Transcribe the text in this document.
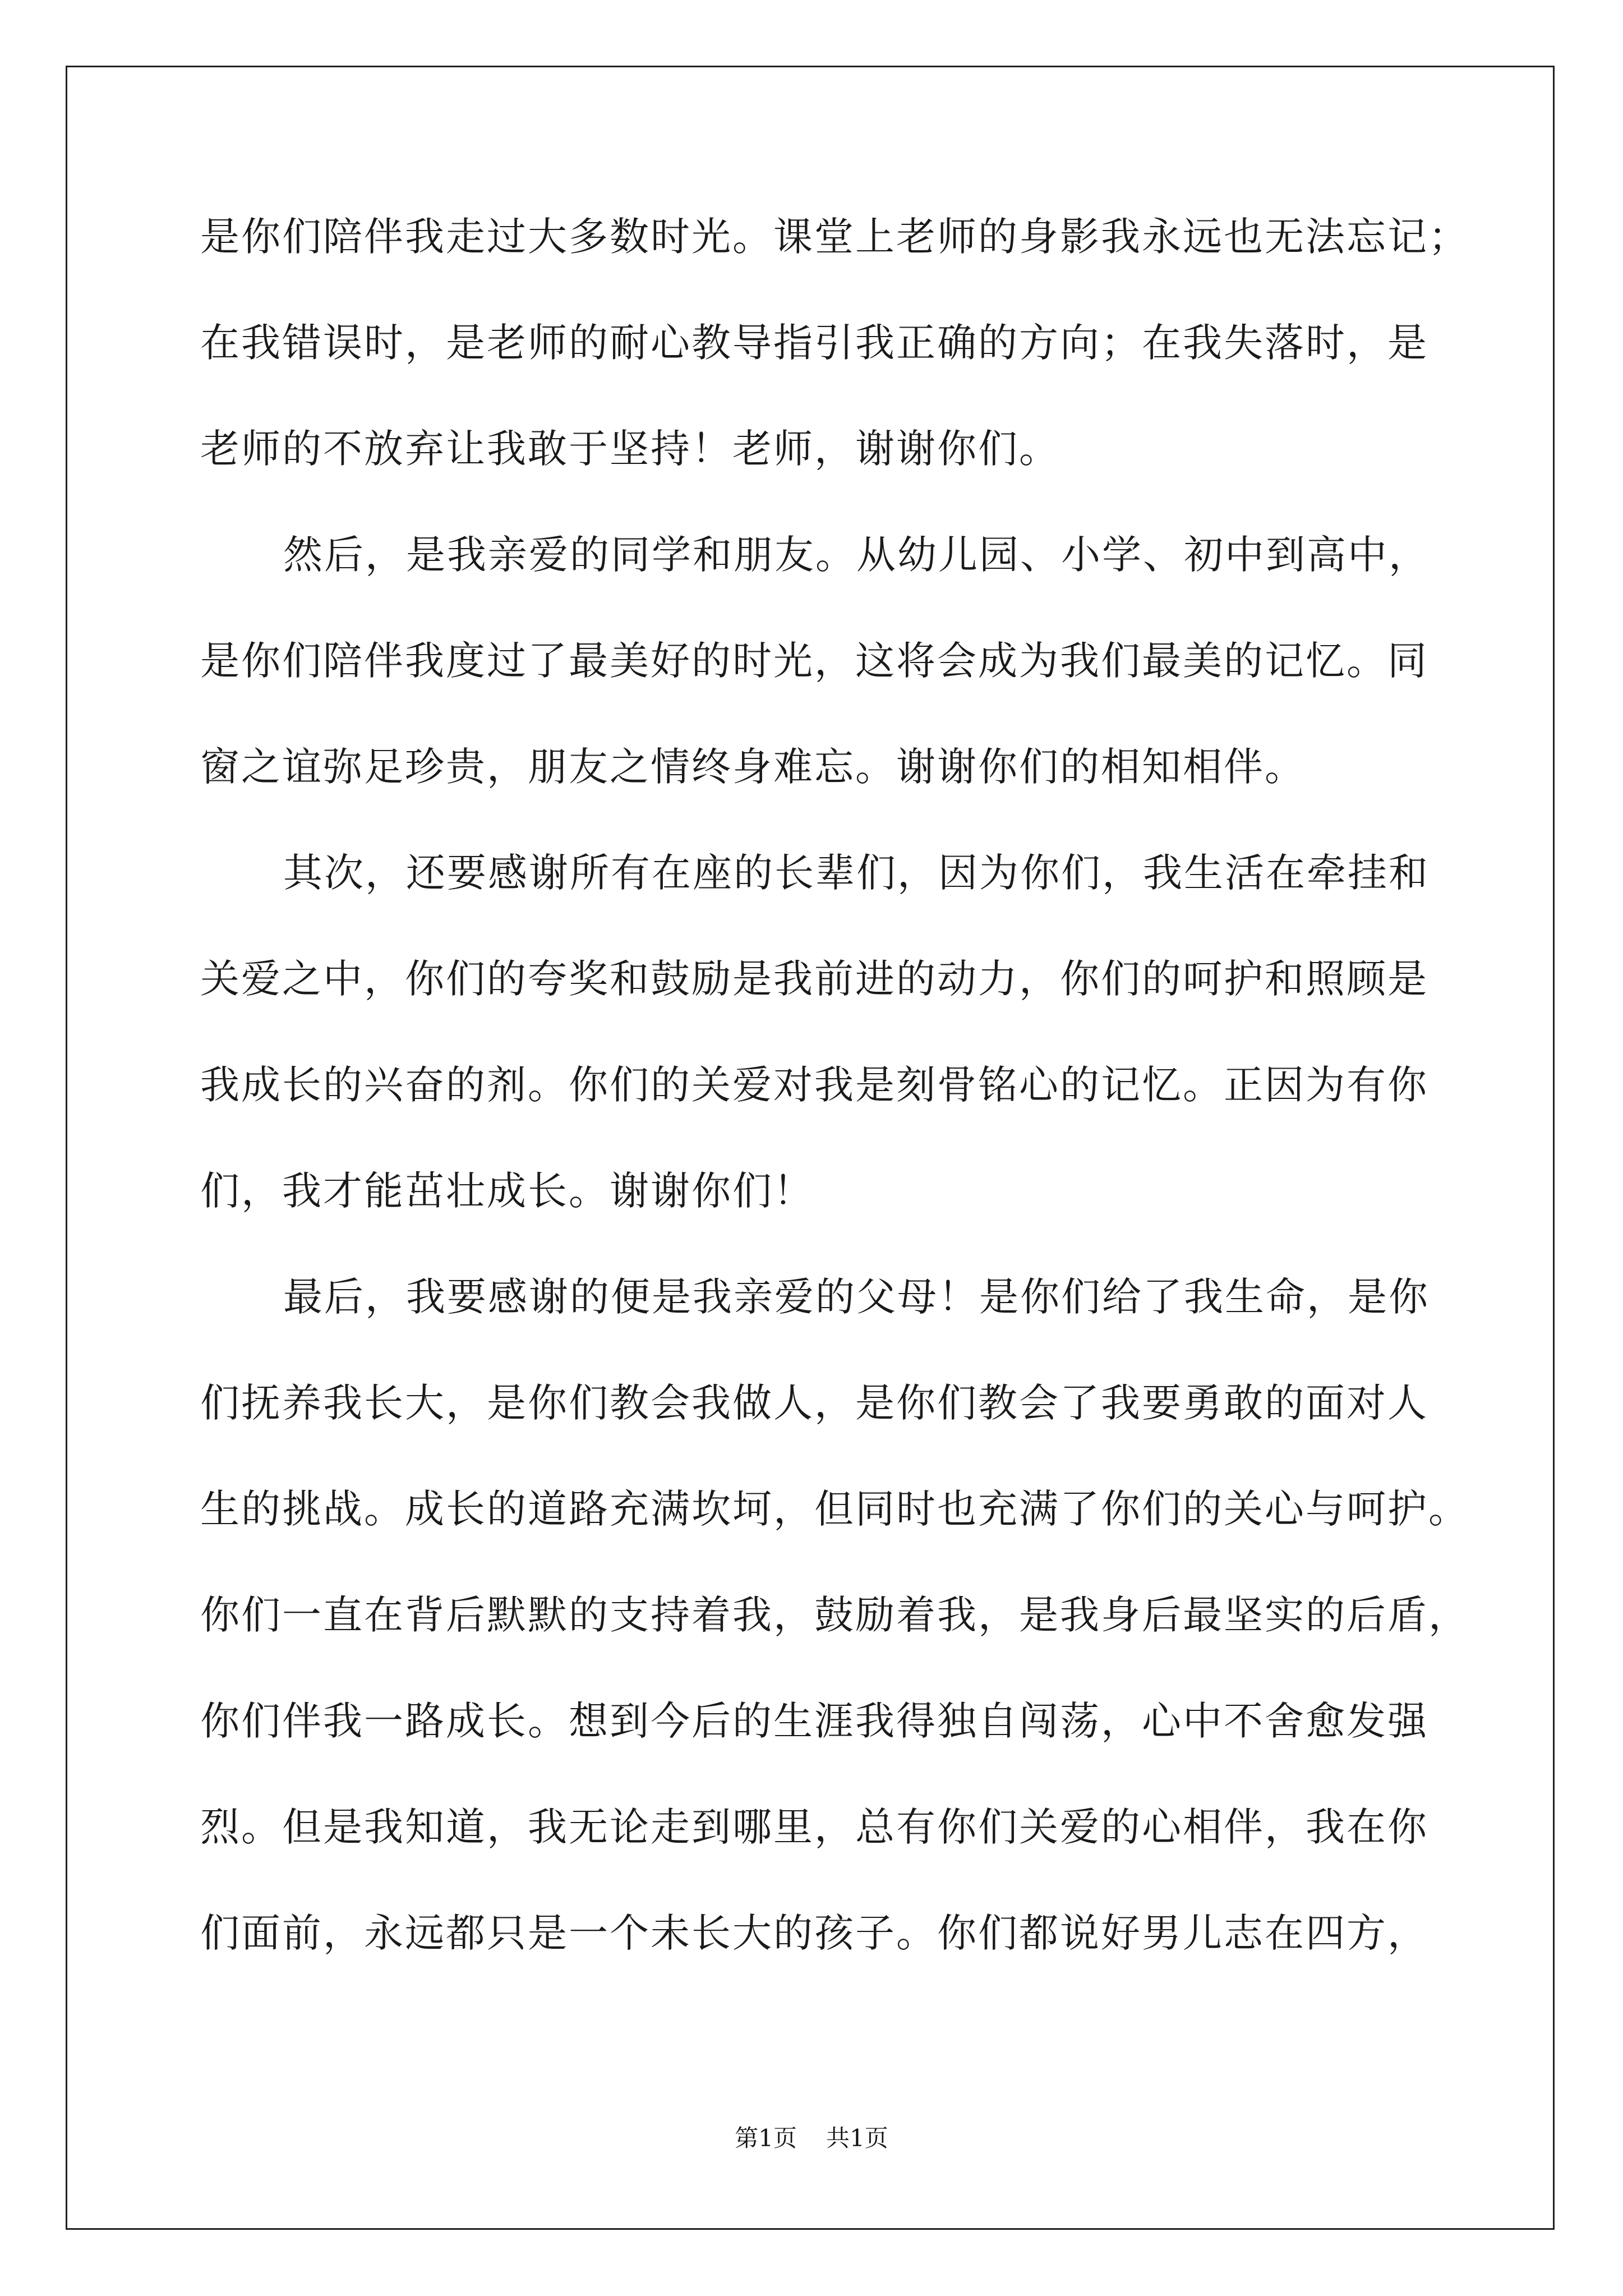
是你们陪伴我走过大多数时光。课堂上老师的身影我永远也无法忘记；
在我错误时，是老师的耐心教导指引我正确的方向；在我失落时，是
老师的不放弃让我敢于坚持！老师，谢谢你们。
然后，是我亲爱的同学和朋友。从幼儿园、小学、初中到高中，
是你们陪伴我度过了最美好的时光，这将会成为我们最美的记忆。同
窗之谊弥足珍贵，朋友之情终身难忘。谢谢你们的相知相伴。
其次，还要感谢所有在座的长辈们，因为你们，我生活在牵挂和
关爱之中，你们的夸奖和鼓励是我前进的动力，你们的呵护和照顾是
我成长的兴奋的剂。你们的关爱对我是刻骨铭心的记忆。正因为有你
们，我才能茁壮成长。谢谢你们！
最后，我要感谢的便是我亲爱的父母！是你们给了我生命，是你
们抚养我长大，是你们教会我做人，是你们教会了我要勇敢的面对人
生的挑战。成长的道路充满坎坷，但同时也充满了你们的关心与呵护。
你们一直在背后默默的支持着我，鼓励着我，是我身后最坚实的后盾，
你们伴我一路成长。想到今后的生涯我得独自闯荡，心中不舍愈发强
烈。但是我知道，我无论走到哪里，总有你们关爱的心相伴，我在你
们面前，永远都只是一个未长大的孩子。你们都说好男儿志在四方，
第1页 共1页
